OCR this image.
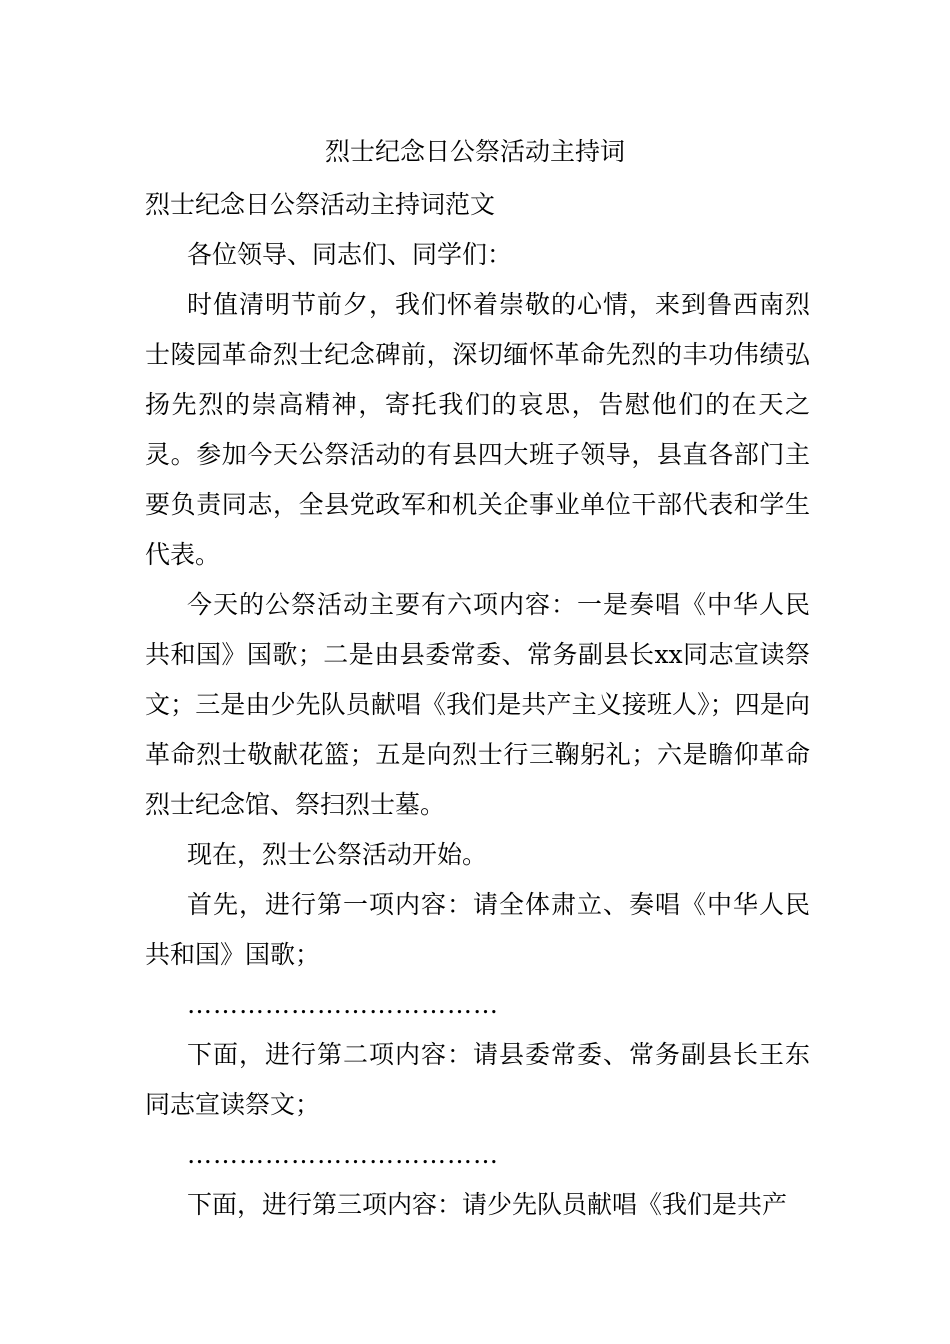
烈士纪念日公祭活动主持词

烈士纪念日公祭活动主持词范文

各位领导、同志们、同学们：

时值清明节前夕，我们怀着崇敬的心情，来到鲁西南烈士陵园革命烈士纪念碑前，深切缅怀革命先烈的丰功伟绩弘扬先烈的崇高精神，寄托我们的哀思，告慰他们的在天之灵。参加今天公祭活动的有县四大班子领导，县直各部门主要负责同志，全县党政军和机关企事业单位干部代表和学生代表。

今天的公祭活动主要有六项内容：一是奏唱《中华人民共和国》国歌；二是由县委常委、常务副县长xx同志宣读祭文；三是由少先队员献唱《我们是共产主义接班人》；四是向革命烈士敬献花篮；五是向烈士行三鞠躬礼；六是瞻仰革命烈士纪念馆、祭扫烈士墓。

现在，烈士公祭活动开始。

首先，进行第一项内容：请全体肃立、奏唱《中华人民共和国》国歌；

………………………………

下面，进行第二项内容：请县委常委、常务副县长王东同志宣读祭文；

………………………………

下面，进行第三项内容：请少先队员献唱《我们是共产
